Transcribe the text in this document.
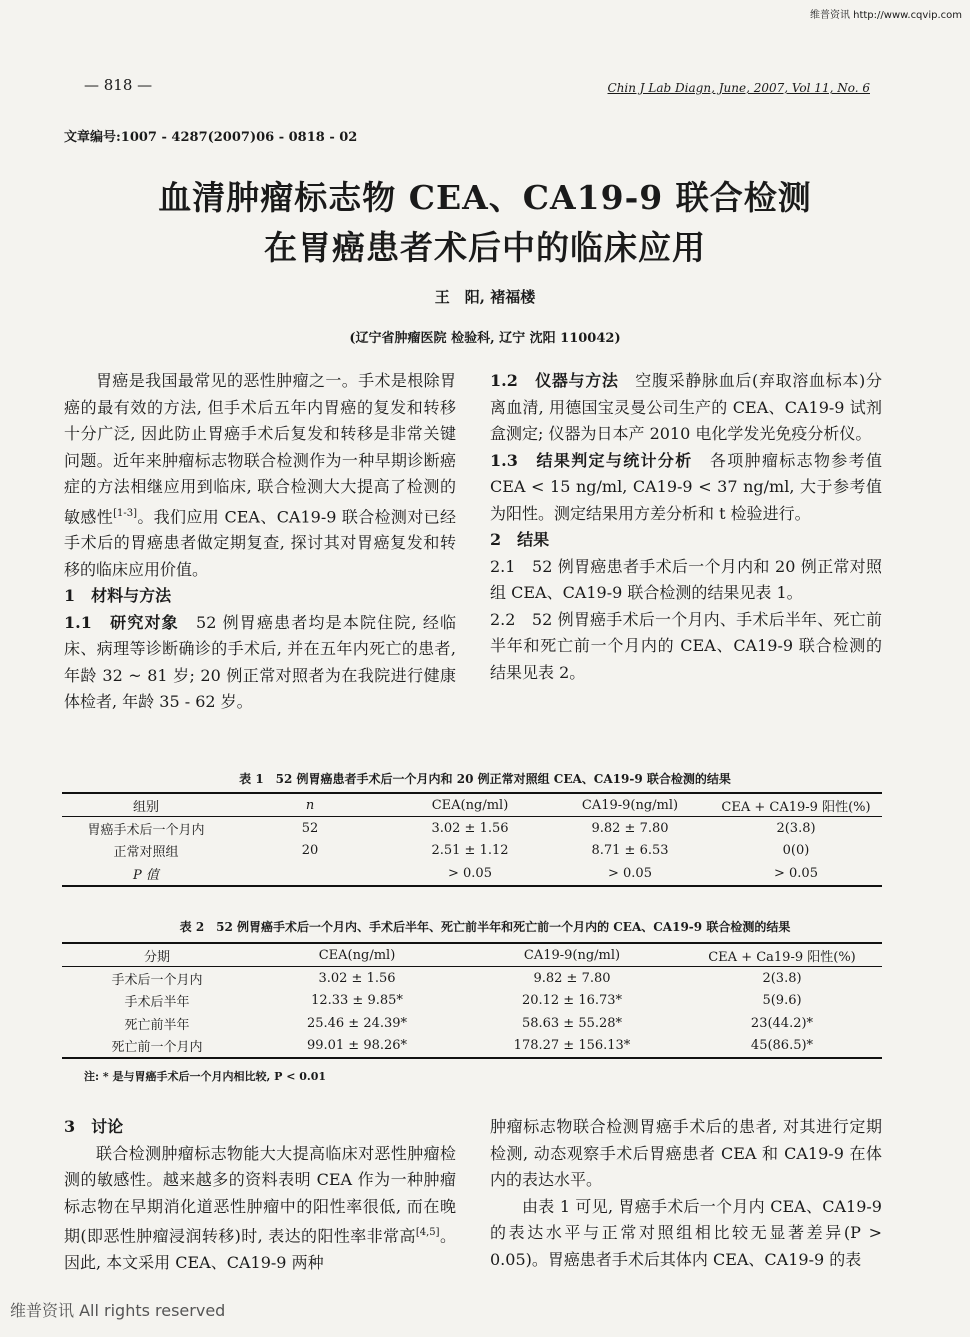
维普资讯 http://www.cqvip.com
— 818 —	Chin J Lab Diagn, June, 2007, Vol 11, No. 6
文章编号:1007 - 4287(2007)06 - 0818 - 02
血清肿瘤标志物 CEA、CA19-9 联合检测
在胃癌患者术后中的临床应用
王　阳, 褚福楼
(辽宁省肿瘤医院 检验科, 辽宁 沈阳 110042)

胃癌是我国最常见的恶性肿瘤之一。手术是根除胃癌的最有效的方法, 但手术后五年内胃癌的复发和转移十分广泛, 因此防止胃癌手术后复发和转移是非常关键问题。近年来肿瘤标志物联合检测作为一种早期诊断癌症的方法相继应用到临床, 联合检测大大提高了检测的敏感性[1-3]。我们应用 CEA、CA19-9 联合检测对已经手术后的胃癌患者做定期复查, 探讨其对胃癌复发和转移的临床应用价值。

1　材料与方法

1.1　研究对象　52 例胃癌患者均是本院住院, 经临床、病理等诊断确诊的手术后, 并在五年内死亡的患者, 年龄 32 ~ 81 岁; 20 例正常对照者为在我院进行健康体检者, 年龄 35 - 62 岁。

1.2　仪器与方法　空腹采静脉血后(弃取溶血标本)分离血清, 用德国宝灵曼公司生产的 CEA、CA19-9 试剂盒测定; 仪器为日本产 2010 电化学发光免疫分析仪。

1.3　结果判定与统计分析　各项肿瘤标志物参考值 CEA < 15 ng/ml, CA19-9 < 37 ng/ml, 大于参考值为阳性。测定结果用方差分析和 t 检验进行。

2　结果

2.1　52 例胃癌患者手术后一个月内和 20 例正常对照组 CEA、CA19-9 联合检测的结果见表 1。

2.2　52 例胃癌手术后一个月内、手术后半年、死亡前半年和死亡前一个月内的 CEA、CA19-9 联合检测的结果见表 2。

表 1　52 例胃癌患者手术后一个月内和 20 例正常对照组 CEA、CA19-9 联合检测的结果
组别	n	CEA(ng/ml)	CA19-9(ng/ml)	CEA + CA19-9 阳性(%)
胃癌手术后一个月内	52	3.02 ± 1.56	9.82 ± 7.80	2(3.8)
正常对照组	20	2.51 ± 1.12	8.71 ± 6.53	0(0)
P 值		> 0.05	> 0.05	> 0.05
表 2　52 例胃癌手术后一个月内、手术后半年、死亡前半年和死亡前一个月内的 CEA、CA19-9 联合检测的结果
分期	CEA(ng/ml)	CA19-9(ng/ml)	CEA + Ca19-9 阳性(%)
手术后一个月内	3.02 ± 1.56	9.82 ± 7.80	2(3.8)
手术后半年	12.33 ± 9.85*	20.12 ± 16.73*	5(9.6)
死亡前半年	25.46 ± 24.39*	58.63 ± 55.28*	23(44.2)*
死亡前一个月内	99.01 ± 98.26*	178.27 ± 156.13*	45(86.5)*
注: * 是与胃癌手术后一个月内相比较, P < 0.01

3　讨论

联合检测肿瘤标志物能大大提高临床对恶性肿瘤检测的敏感性。越来越多的资料表明 CEA 作为一种肿瘤标志物在早期消化道恶性肿瘤中的阳性率很低, 而在晚期(即恶性肿瘤浸润转移)时, 表达的阳性率非常高[4,5]。因此, 本文采用 CEA、CA19-9 两种

肿瘤标志物联合检测胃癌手术后的患者, 对其进行定期检测, 动态观察手术后胃癌患者 CEA 和 CA19-9 在体内的表达水平。

由表 1 可见, 胃癌手术后一个月内 CEA、CA19-9 的表达水平与正常对照组相比较无显著差异(P > 0.05)。胃癌患者手术后其体内 CEA、CA19-9 的表

维普资讯 All rights reserved
